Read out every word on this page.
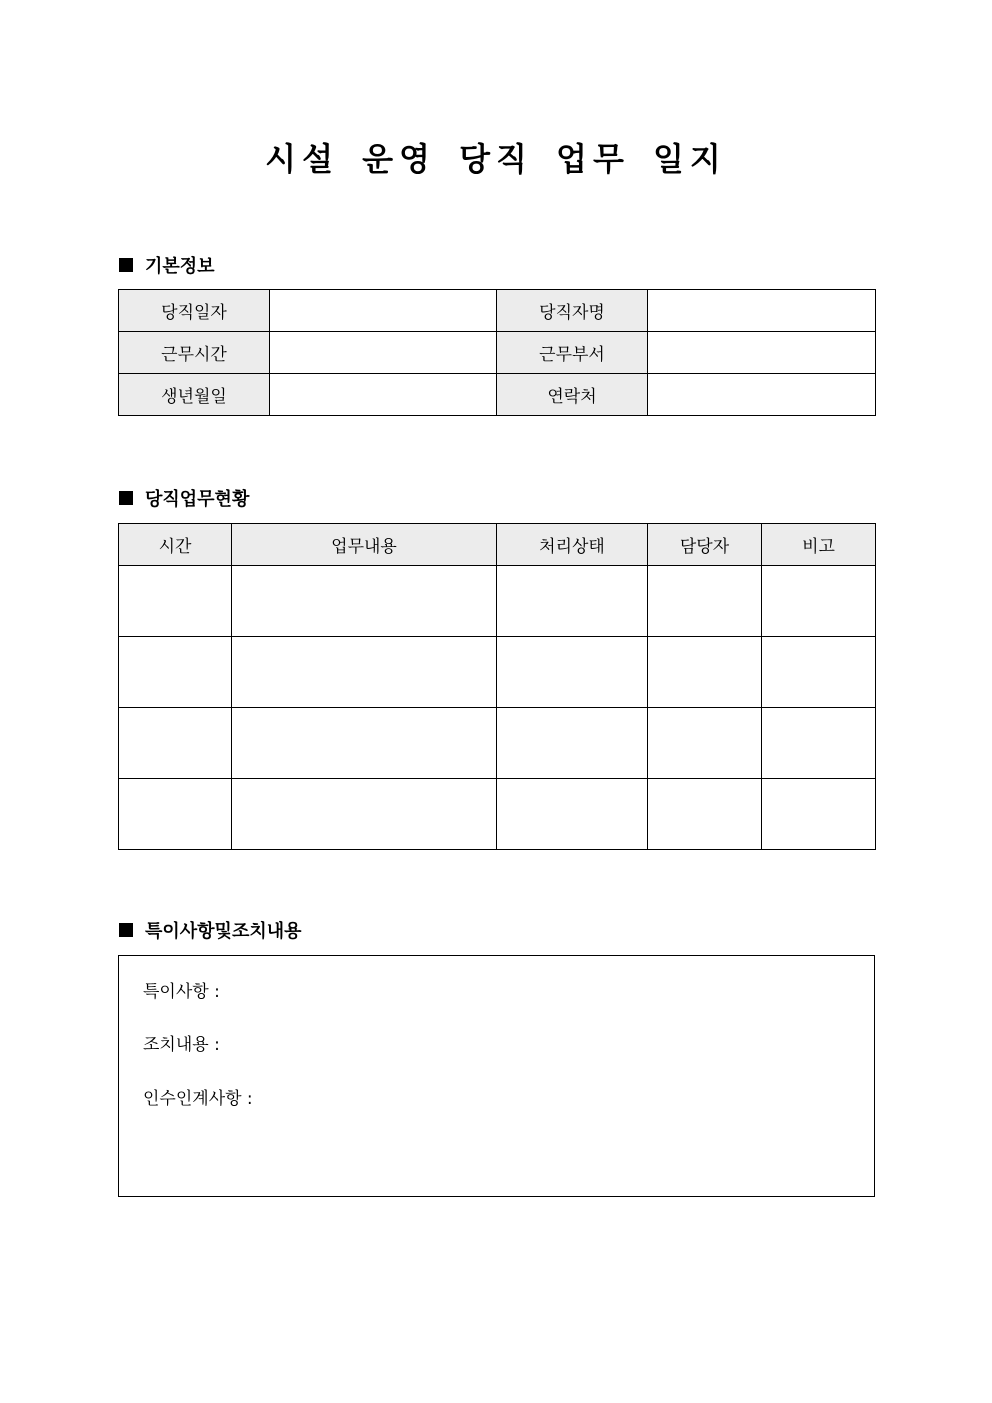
시설 운영 당직 업무 일지
기본정보
당직일자		당직자명	
근무시간		근무부서	
생년월일		연락처	
당직업무현황
시간	업무내용	처리상태	담당자	비고

특이사항및조치내용
특이사항 :
조치내용 :
인수인계사항 :
